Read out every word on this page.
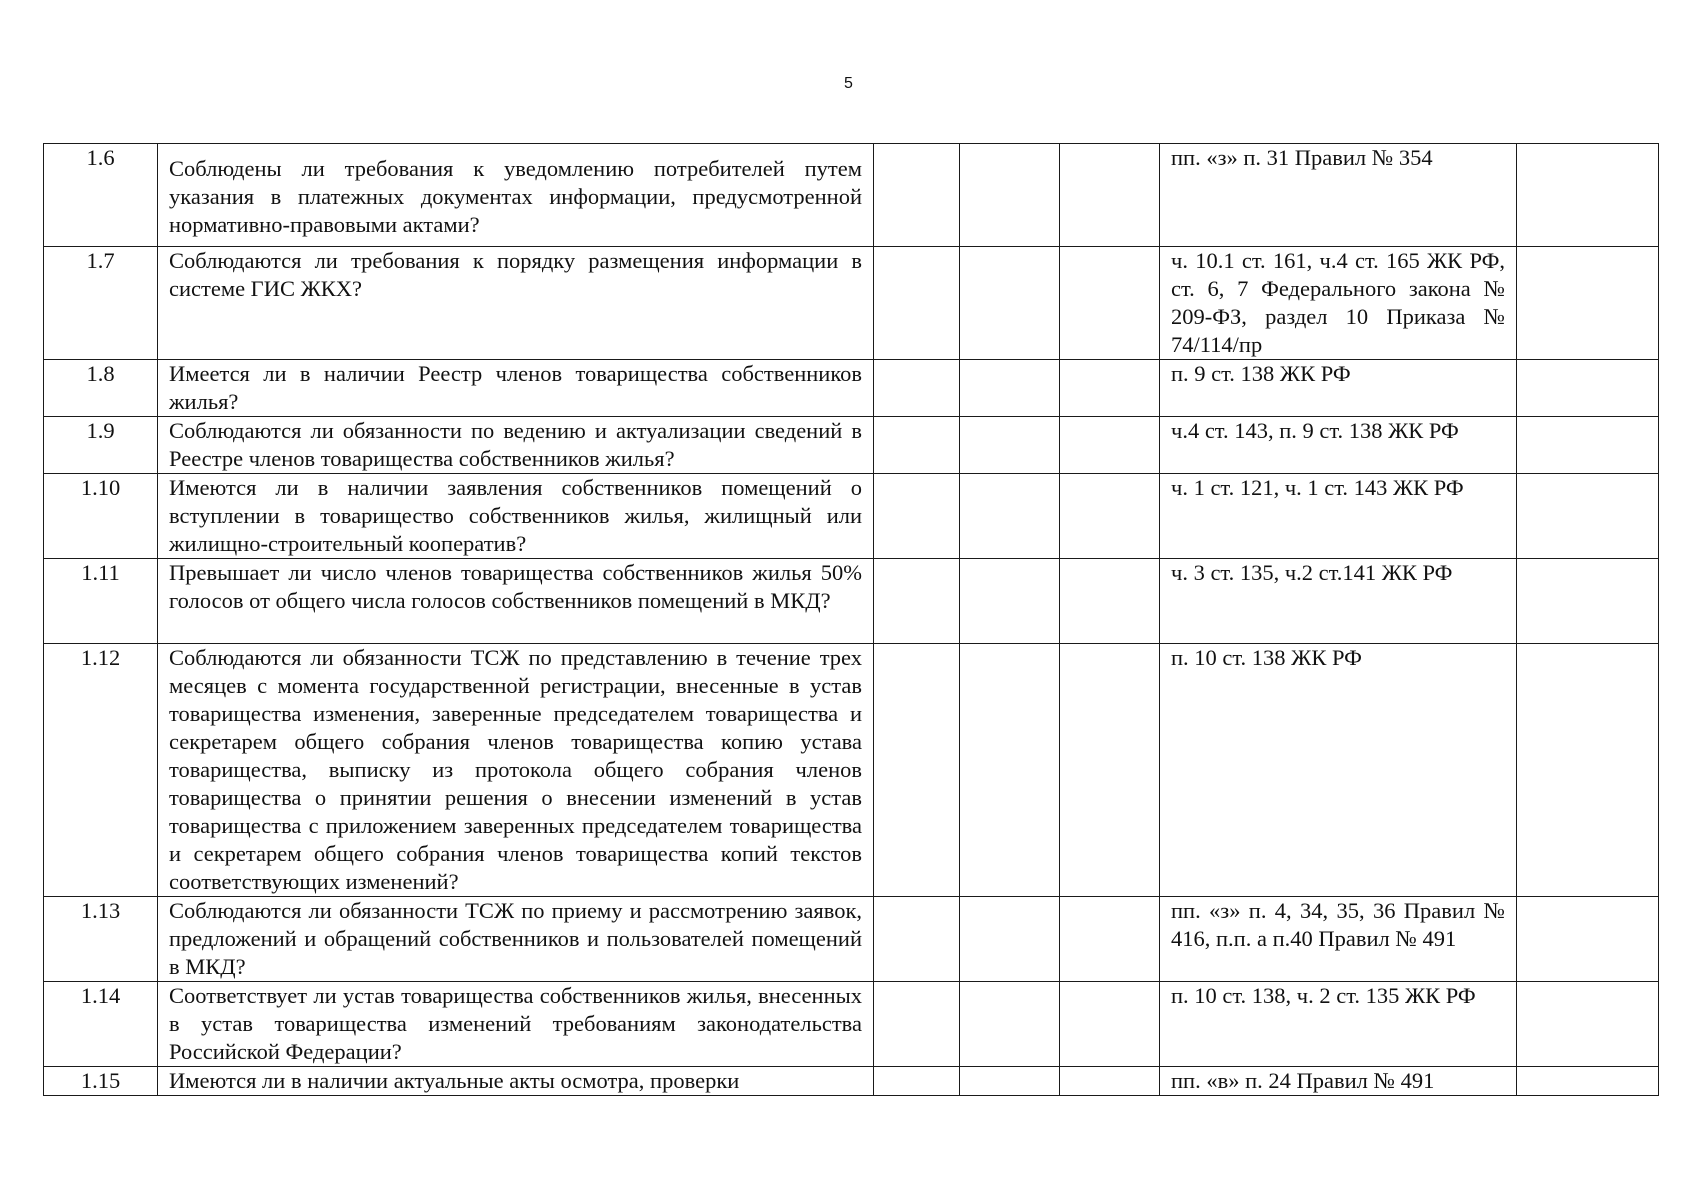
5
1.6	Соблюдены ли требования к уведомлению потребителей путем указания в платежных документах информации, предусмотренной нормативно-правовыми актами?				пп. «з» п. 31 Правил № 354	
1.7	Соблюдаются ли требования к порядку размещения информации в системе ГИС ЖКХ?				ч. 10.1 ст. 161, ч.4 ст. 165 ЖК РФ, ст. 6, 7 Федерального закона № 209-ФЗ, раздел 10 Приказа № 74/114/пр	
1.8	Имеется ли в наличии Реестр членов товарищества собственников жилья?				п. 9 ст. 138 ЖК РФ	
1.9	Соблюдаются ли обязанности по ведению и актуализации сведений в Реестре членов товарищества собственников жилья?				ч.4 ст. 143, п. 9 ст. 138 ЖК РФ	
1.10	Имеются ли в наличии заявления собственников помещений о вступлении в товарищество собственников жилья, жилищный или жилищно-строительный кооператив?				ч. 1 ст. 121, ч. 1 ст. 143 ЖК РФ	
1.11	Превышает ли число членов товарищества собственников жилья 50% голосов от общего числа голосов собственников помещений в МКД?				ч. 3 ст. 135, ч.2 ст.141 ЖК РФ	
1.12	Соблюдаются ли обязанности ТСЖ по представлению в течение трех месяцев с момента государственной регистрации, внесенные в устав товарищества изменения, заверенные председателем товарищества и секретарем общего собрания членов товарищества копию устава товарищества, выписку из протокола общего собрания членов товарищества о принятии решения о внесении изменений в устав товарищества с приложением заверенных председателем товарищества и секретарем общего собрания членов товарищества копий текстов соответствующих изменений?				п. 10 ст. 138 ЖК РФ	
1.13	Соблюдаются ли обязанности ТСЖ по приему и рассмотрению заявок, предложений и обращений собственников и пользователей помещений в МКД?				пп. «з» п. 4, 34, 35, 36 Правил № 416, п.п. а п.40 Правил № 491	
1.14	Соответствует ли устав товарищества собственников жилья, внесенных в устав товарищества изменений требованиям законодательства Российской Федерации?				п. 10 ст. 138, ч. 2 ст. 135 ЖК РФ	
1.15	Имеются ли в наличии актуальные акты осмотра, проверки				пп. «в» п. 24 Правил № 491	
